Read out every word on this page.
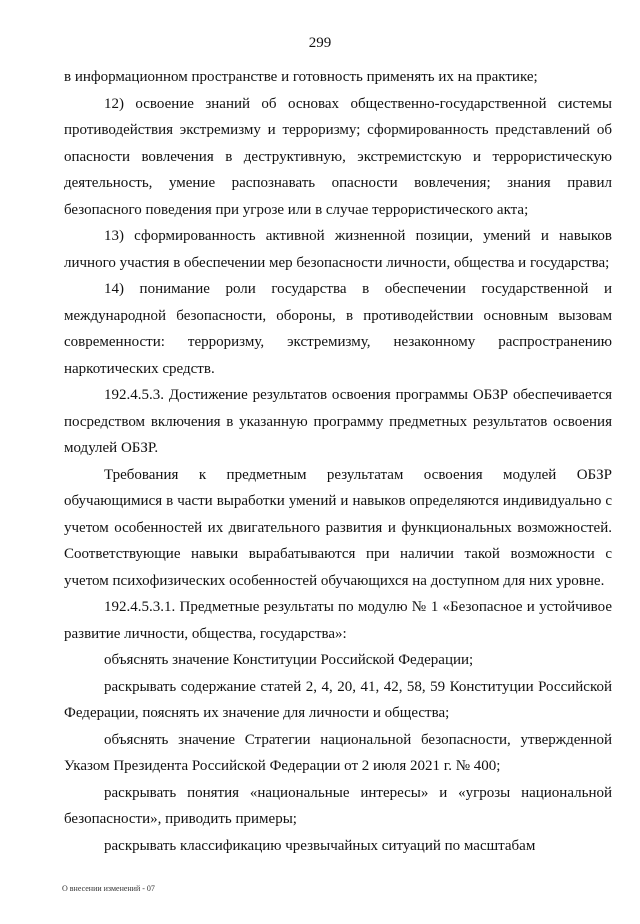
299

в информационном пространстве и готовность применять их на практике;

12) освоение знаний об основах общественно-государственной системы противодействия экстремизму и терроризму; сформированность представлений об опасности вовлечения в деструктивную, экстремистскую и террористическую деятельность, умение распознавать опасности вовлечения; знания правил безопасного поведения при угрозе или в случае террористического акта;

13) сформированность активной жизненной позиции, умений и навыков личного участия в обеспечении мер безопасности личности, общества и государства;

14) понимание роли государства в обеспечении государственной и международной безопасности, обороны, в противодействии основным вызовам современности: терроризму, экстремизму, незаконному распространению наркотических средств.

192.4.5.3. Достижение результатов освоения программы ОБЗР обеспечивается посредством включения в указанную программу предметных результатов освоения модулей ОБЗР.

Требования к предметным результатам освоения модулей ОБЗР обучающимися в части выработки умений и навыков определяются индивидуально с учетом особенностей их двигательного развития и функциональных возможностей. Соответствующие навыки вырабатываются при наличии такой возможности с учетом психофизических особенностей обучающихся на доступном для них уровне.

192.4.5.3.1. Предметные результаты по модулю № 1 «Безопасное и устойчивое развитие личности, общества, государства»:

объяснять значение Конституции Российской Федерации;

раскрывать содержание статей 2, 4, 20, 41, 42, 58, 59 Конституции Российской Федерации, пояснять их значение для личности и общества;

объяснять значение Стратегии национальной безопасности, утвержденной Указом Президента Российской Федерации от 2 июля 2021 г. № 400;

раскрывать понятия «национальные интересы» и «угрозы национальной безопасности», приводить примеры;

раскрывать классификацию чрезвычайных ситуаций по масштабам

О внесении изменений - 07
